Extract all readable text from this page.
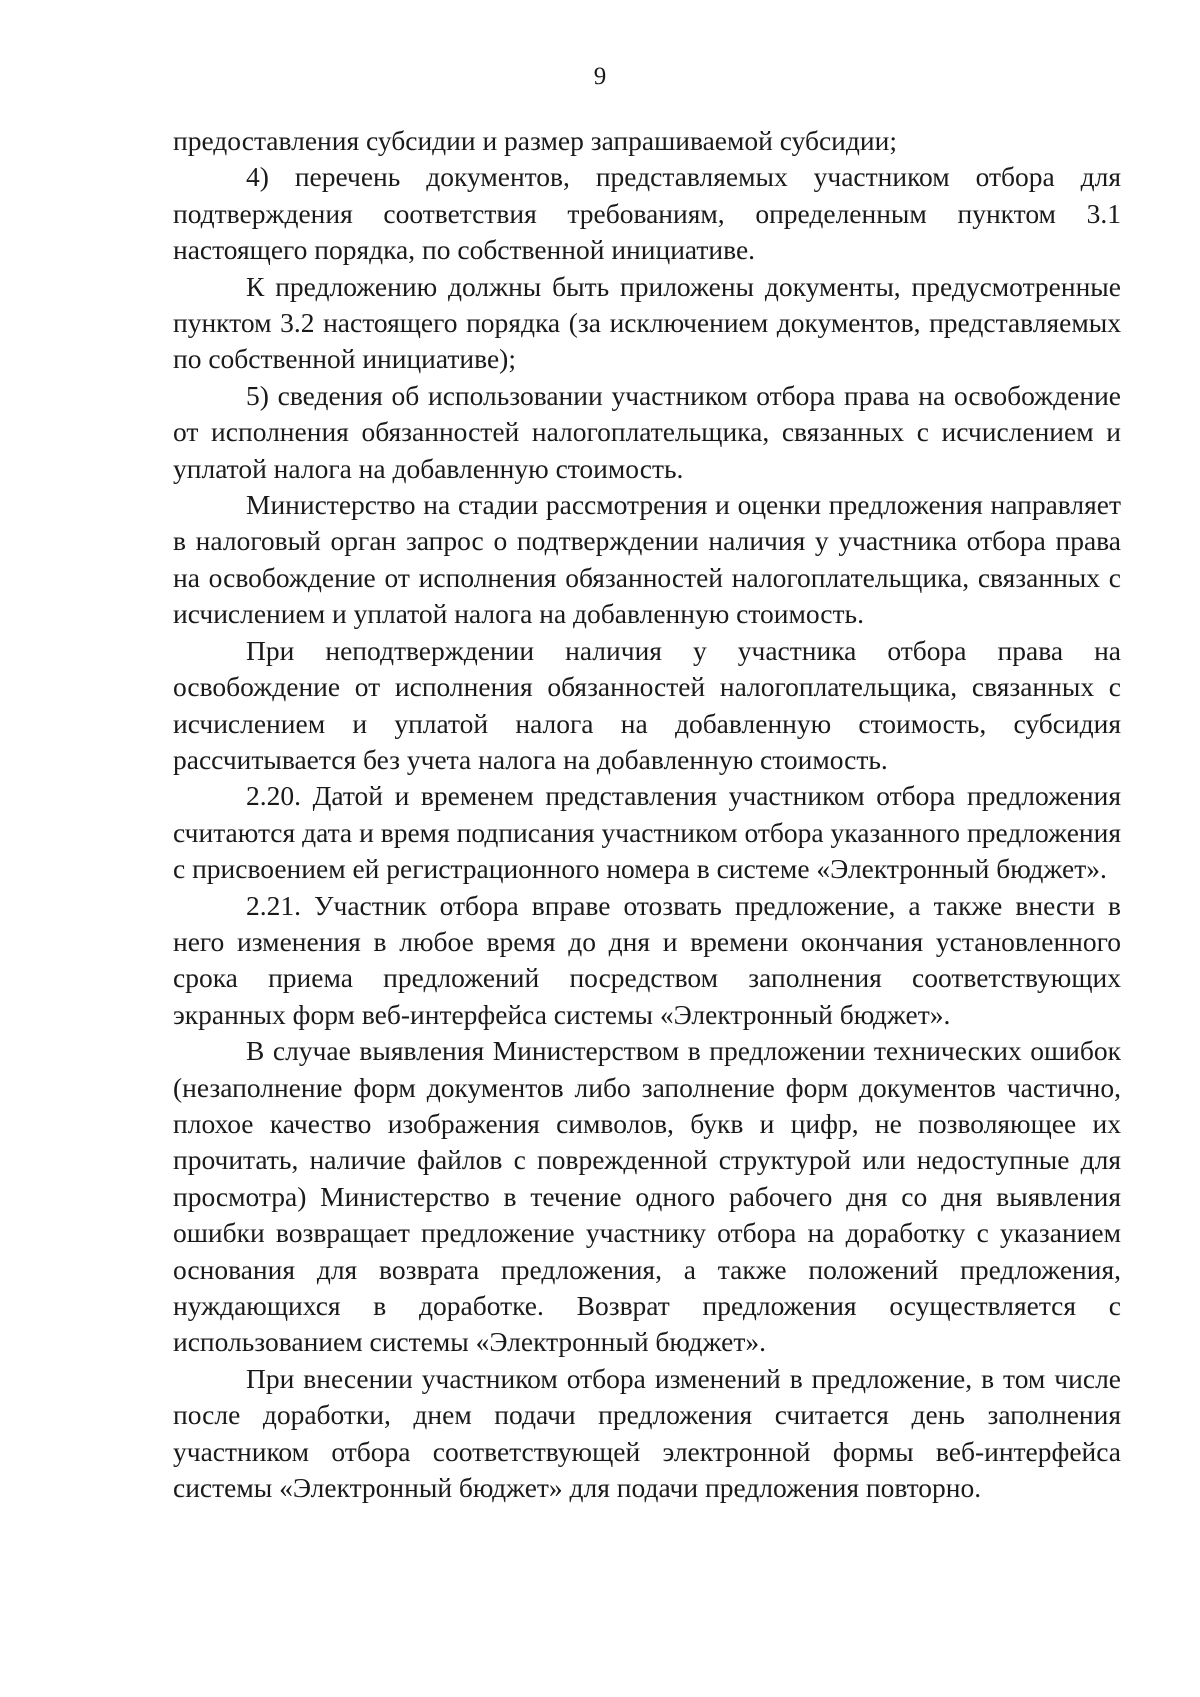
9

предоставления субсидии и размер запрашиваемой субсидии;

4) перечень документов, представляемых участником отбора для подтверждения соответствия требованиям, определенным пунктом 3.1 настоящего порядка, по собственной инициативе.

К предложению должны быть приложены документы, предусмотренные пунктом 3.2 настоящего порядка (за исключением документов, представляемых по собственной инициативе);

5) сведения об использовании участником отбора права на освобождение от исполнения обязанностей налогоплательщика, связанных с исчислением и уплатой налога на добавленную стоимость.

Министерство на стадии рассмотрения и оценки предложения направляет в налоговый орган запрос о подтверждении наличия у участника отбора права на освобождение от исполнения обязанностей налогоплательщика, связанных с исчислением и уплатой налога на добавленную стоимость.

При неподтверждении наличия у участника отбора права на освобождение от исполнения обязанностей налогоплательщика, связанных с исчислением и уплатой налога на добавленную стоимость, субсидия рассчитывается без учета налога на добавленную стоимость.

2.20. Датой и временем представления участником отбора предложения считаются дата и время подписания участником отбора указанного предложения с присвоением ей регистрационного номера в системе «Электронный бюджет».

2.21. Участник отбора вправе отозвать предложение, а также внести в него изменения в любое время до дня и времени окончания установленного срока приема предложений посредством заполнения соответствующих экранных форм веб-интерфейса системы «Электронный бюджет».

В случае выявления Министерством в предложении технических ошибок (незаполнение форм документов либо заполнение форм документов частично, плохое качество изображения символов, букв и цифр, не позволяющее их прочитать, наличие файлов с поврежденной структурой или недоступные для просмотра) Министерство в течение одного рабочего дня со дня выявления ошибки возвращает предложение участнику отбора на доработку с указанием основания для возврата предложения, а также положений предложения, нуждающихся в доработке. Возврат предложения осуществляется с использованием системы «Электронный бюджет».

При внесении участником отбора изменений в предложение, в том числе после доработки, днем подачи предложения считается день заполнения участником отбора соответствующей электронной формы веб-интерфейса системы «Электронный бюджет» для подачи предложения повторно.
